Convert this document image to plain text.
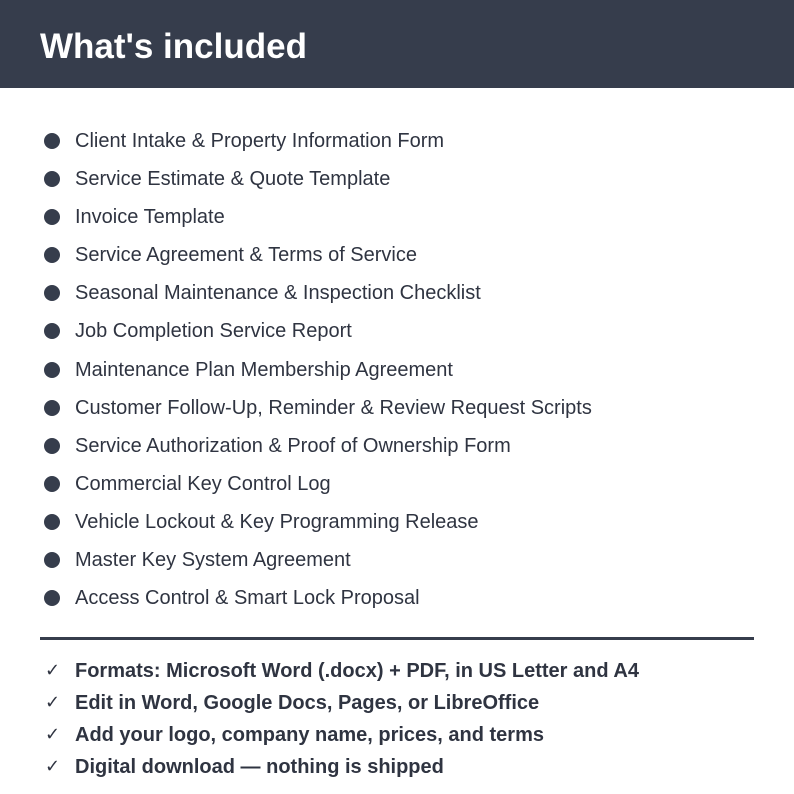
What's included
Client Intake & Property Information Form
Service Estimate & Quote Template
Invoice Template
Service Agreement & Terms of Service
Seasonal Maintenance & Inspection Checklist
Job Completion Service Report
Maintenance Plan Membership Agreement
Customer Follow-Up, Reminder & Review Request Scripts
Service Authorization & Proof of Ownership Form
Commercial Key Control Log
Vehicle Lockout & Key Programming Release
Master Key System Agreement
Access Control & Smart Lock Proposal
✓ Formats: Microsoft Word (.docx) + PDF, in US Letter and A4
✓ Edit in Word, Google Docs, Pages, or LibreOffice
✓ Add your logo, company name, prices, and terms
✓ Digital download — nothing is shipped
